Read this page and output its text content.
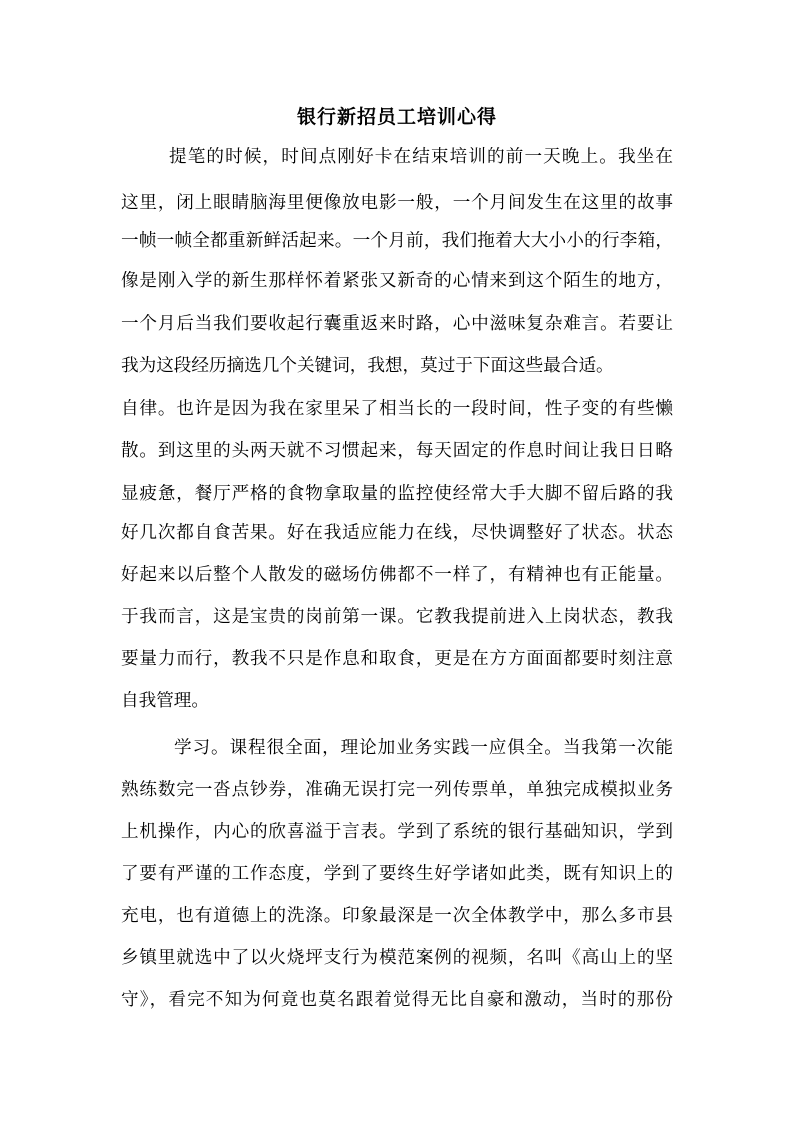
银行新招员工培训心得
提笔的时候，时间点刚好卡在结束培训的前一天晚上。我坐在
这里，闭上眼睛脑海里便像放电影一般，一个月间发生在这里的故事
一帧一帧全都重新鲜活起来。一个月前，我们拖着大大小小的行李箱，
像是刚入学的新生那样怀着紧张又新奇的心情来到这个陌生的地方，
一个月后当我们要收起行囊重返来时路，心中滋味复杂难言。若要让
我为这段经历摘选几个关键词，我想，莫过于下面这些最合适。
自律。也许是因为我在家里呆了相当长的一段时间，性子变的有些懒
散。到这里的头两天就不习惯起来，每天固定的作息时间让我日日略
显疲惫，餐厅严格的食物拿取量的监控使经常大手大脚不留后路的我
好几次都自食苦果。好在我适应能力在线，尽快调整好了状态。状态
好起来以后整个人散发的磁场仿佛都不一样了，有精神也有正能量。
于我而言，这是宝贵的岗前第一课。它教我提前进入上岗状态，教我
要量力而行，教我不只是作息和取食，更是在方方面面都要时刻注意
自我管理。
学习。课程很全面，理论加业务实践一应俱全。当我第一次能
熟练数完一沓点钞券，准确无误打完一列传票单，单独完成模拟业务
上机操作，内心的欣喜溢于言表。学到了系统的银行基础知识，学到
了要有严谨的工作态度，学到了要终生好学诸如此类，既有知识上的
充电，也有道德上的洗涤。印象最深是一次全体教学中，那么多市县
乡镇里就选中了以火烧坪支行为模范案例的视频，名叫《高山上的坚
守》，看完不知为何竟也莫名跟着觉得无比自豪和激动，当时的那份
